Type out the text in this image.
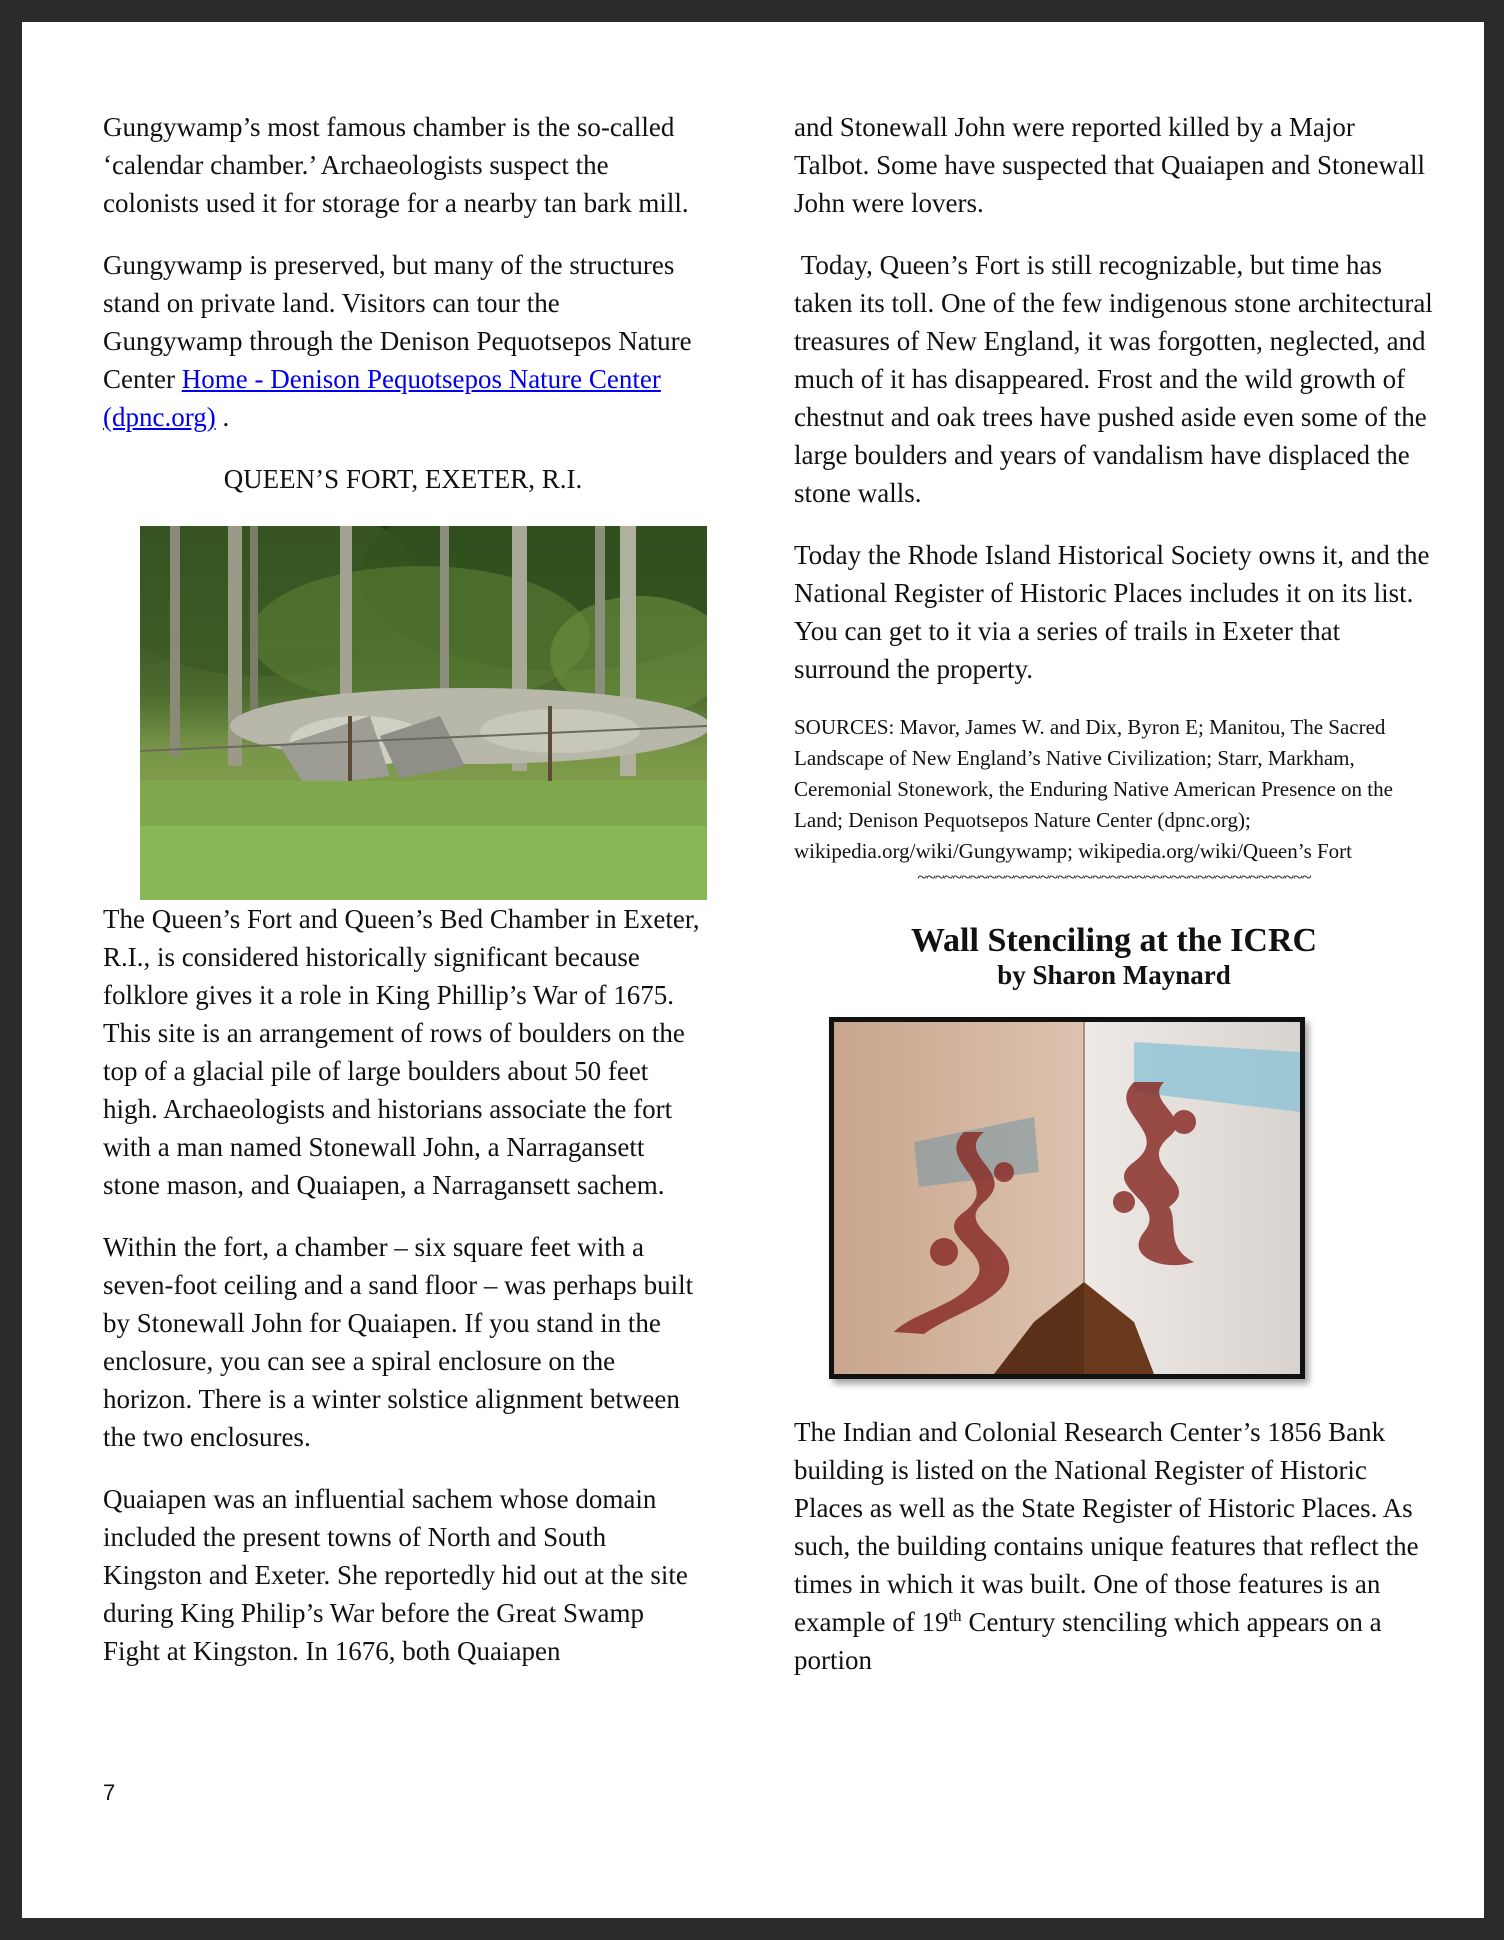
Gungywamp’s most famous chamber is the so-called ‘calendar chamber.’ Archaeologists suspect the colonists used it for storage for a nearby tan bark mill.

Gungywamp is preserved, but many of the structures stand on private land. Visitors can tour the Gungywamp through the Denison Pequotsepos Nature Center Home - Denison Pequotsepos Nature Center (dpnc.org) .

QUEEN’S FORT, EXETER, R.I.

The Queen’s Fort and Queen’s Bed Chamber in Exeter, R.I., is considered historically significant because folklore gives it a role in King Phillip’s War of 1675. This site is an arrangement of rows of boulders on the top of a glacial pile of large boulders about 50 feet high. Archaeologists and historians associate the fort with a man named Stonewall John, a Narragansett stone mason, and Quaiapen, a Narragansett sachem.

Within the fort, a chamber – six square feet with a seven-foot ceiling and a sand floor – was perhaps built by Stonewall John for Quaiapen. If you stand in the enclosure, you can see a spiral enclosure on the horizon. There is a winter solstice alignment between the two enclosures.

Quaiapen was an influential sachem whose domain included the present towns of North and South Kingston and Exeter. She reportedly hid out at the site during King Philip’s War before the Great Swamp Fight at Kingston. In 1676, both Quaiapen

and Stonewall John were reported killed by a Major Talbot. Some have suspected that Quaiapen and Stonewall John were lovers.

Today, Queen’s Fort is still recognizable, but time has taken its toll. One of the few indigenous stone architectural treasures of New England, it was forgotten, neglected, and much of it has disappeared. Frost and the wild growth of chestnut and oak trees have pushed aside even some of the large boulders and years of vandalism have displaced the stone walls.

Today the Rhode Island Historical Society owns it, and the National Register of Historic Places includes it on its list. You can get to it via a series of trails in Exeter that surround the property.

SOURCES: Mavor, James W. and Dix, Byron E; Manitou, The Sacred Landscape of New England’s Native Civilization; Starr, Markham, Ceremonial Stonework, the Enduring Native American Presence on the Land; Denison Pequotsepos Nature Center (dpnc.org); wikipedia.org/wiki/Gungywamp; wikipedia.org/wiki/Queen’s Fort

~~~~~~~~~~~~~~~~~~~~~~~~~~~~~~~~~~~~~~~~~~~~~
Wall Stenciling at the ICRC
by Sharon Maynard

The Indian and Colonial Research Center’s 1856 Bank building is listed on the National Register of Historic Places as well as the State Register of Historic Places. As such, the building contains unique features that reflect the times in which it was built. One of those features is an example of 19th Century stenciling which appears on a portion

7
